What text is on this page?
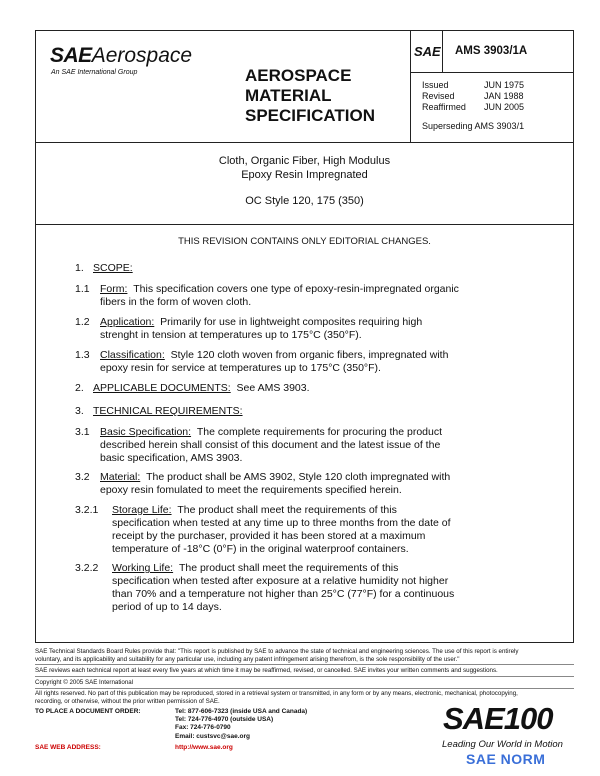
SAEAerospace
An SAE International Group	AEROSPACE
MATERIAL
SPECIFICATION
SAE AMS 3903/1A
Issued	JUN 1975
Revised	JAN 1988
Reaffirmed JUN 2005
Superseding AMS 3903/1
Cloth, Organic Fiber, High Modulus
Epoxy Resin Impregnated
OC Style 120, 175 (350)
THIS REVISION CONTAINS ONLY EDITORIAL CHANGES.
1. SCOPE:
1.1 Form: This specification covers one type of epoxy-resin-impregnated organic
fibers in the form of woven cloth.
1.2 Application: Primarily for use in lightweight composites requiring high
strenght in tension at temperatures up to 175°C (350°F).
1.3 Classification: Style 120 cloth woven from organic fibers, impregnated with
epoxy resin for service at temperatures up to 175°C (350°F).
2. APPLICABLE DOCUMENTS: See AMS 3903.
3. TECHNICAL REQUIREMENTS:
3.1 Basic Specification: The complete requirements for procuring the product
described herein shall consist of this document and the latest issue of the
basic specification, AMS 3903.
3.2 Material: The product shall be AMS 3902, Style 120 cloth impregnated with
epoxy resin fomulated to meet the requirements specified herein.
3.2.1 Storage Life: The product shall meet the requirements of this
specification when tested at any time up to three months from the date of
receipt by the purchaser, provided it has been stored at a maximum
temperature of -18°C (0°F) in the original waterproof containers.
3.2.2 Working Life: The product shall meet the requirements of this
specification when tested after exposure at a relative humidity not higher
than 70% and a temperature not higher than 25°C (77°F) for a continuous
period of up to 14 days.
SAE Technical Standards Board Rules provide that: "This report is published by SAE to advance the state of technical and engineering sciences. The use of this report is entirely
voluntary, and its applicability and suitability for any particular use, including any patent infringement arising therefrom, is the sole responsibility of the user."
SAE reviews each technical report at least every five years at which time it may be reaffirmed, revised, or cancelled. SAE invites your written comments and suggestions.
Copyright © 2005 SAE International
All rights reserved. No part of this publication may be reproduced, stored in a retrieval system or transmitted, in any form or by any means, electronic, mechanical, photocopying,
recording, or otherwise, without the prior written permission of SAE.
TO PLACE A DOCUMENT ORDER:	Tel: 877-606-7323 (inside USA and Canada)
Tel: 724-776-4970 (outside USA)
Fax: 724-776-0790
Email: custsvc@sae.org
SAE WEB ADDRESS:	http://www.sae.org
SAE100
Leading Our World in Motion
SAE NORM
